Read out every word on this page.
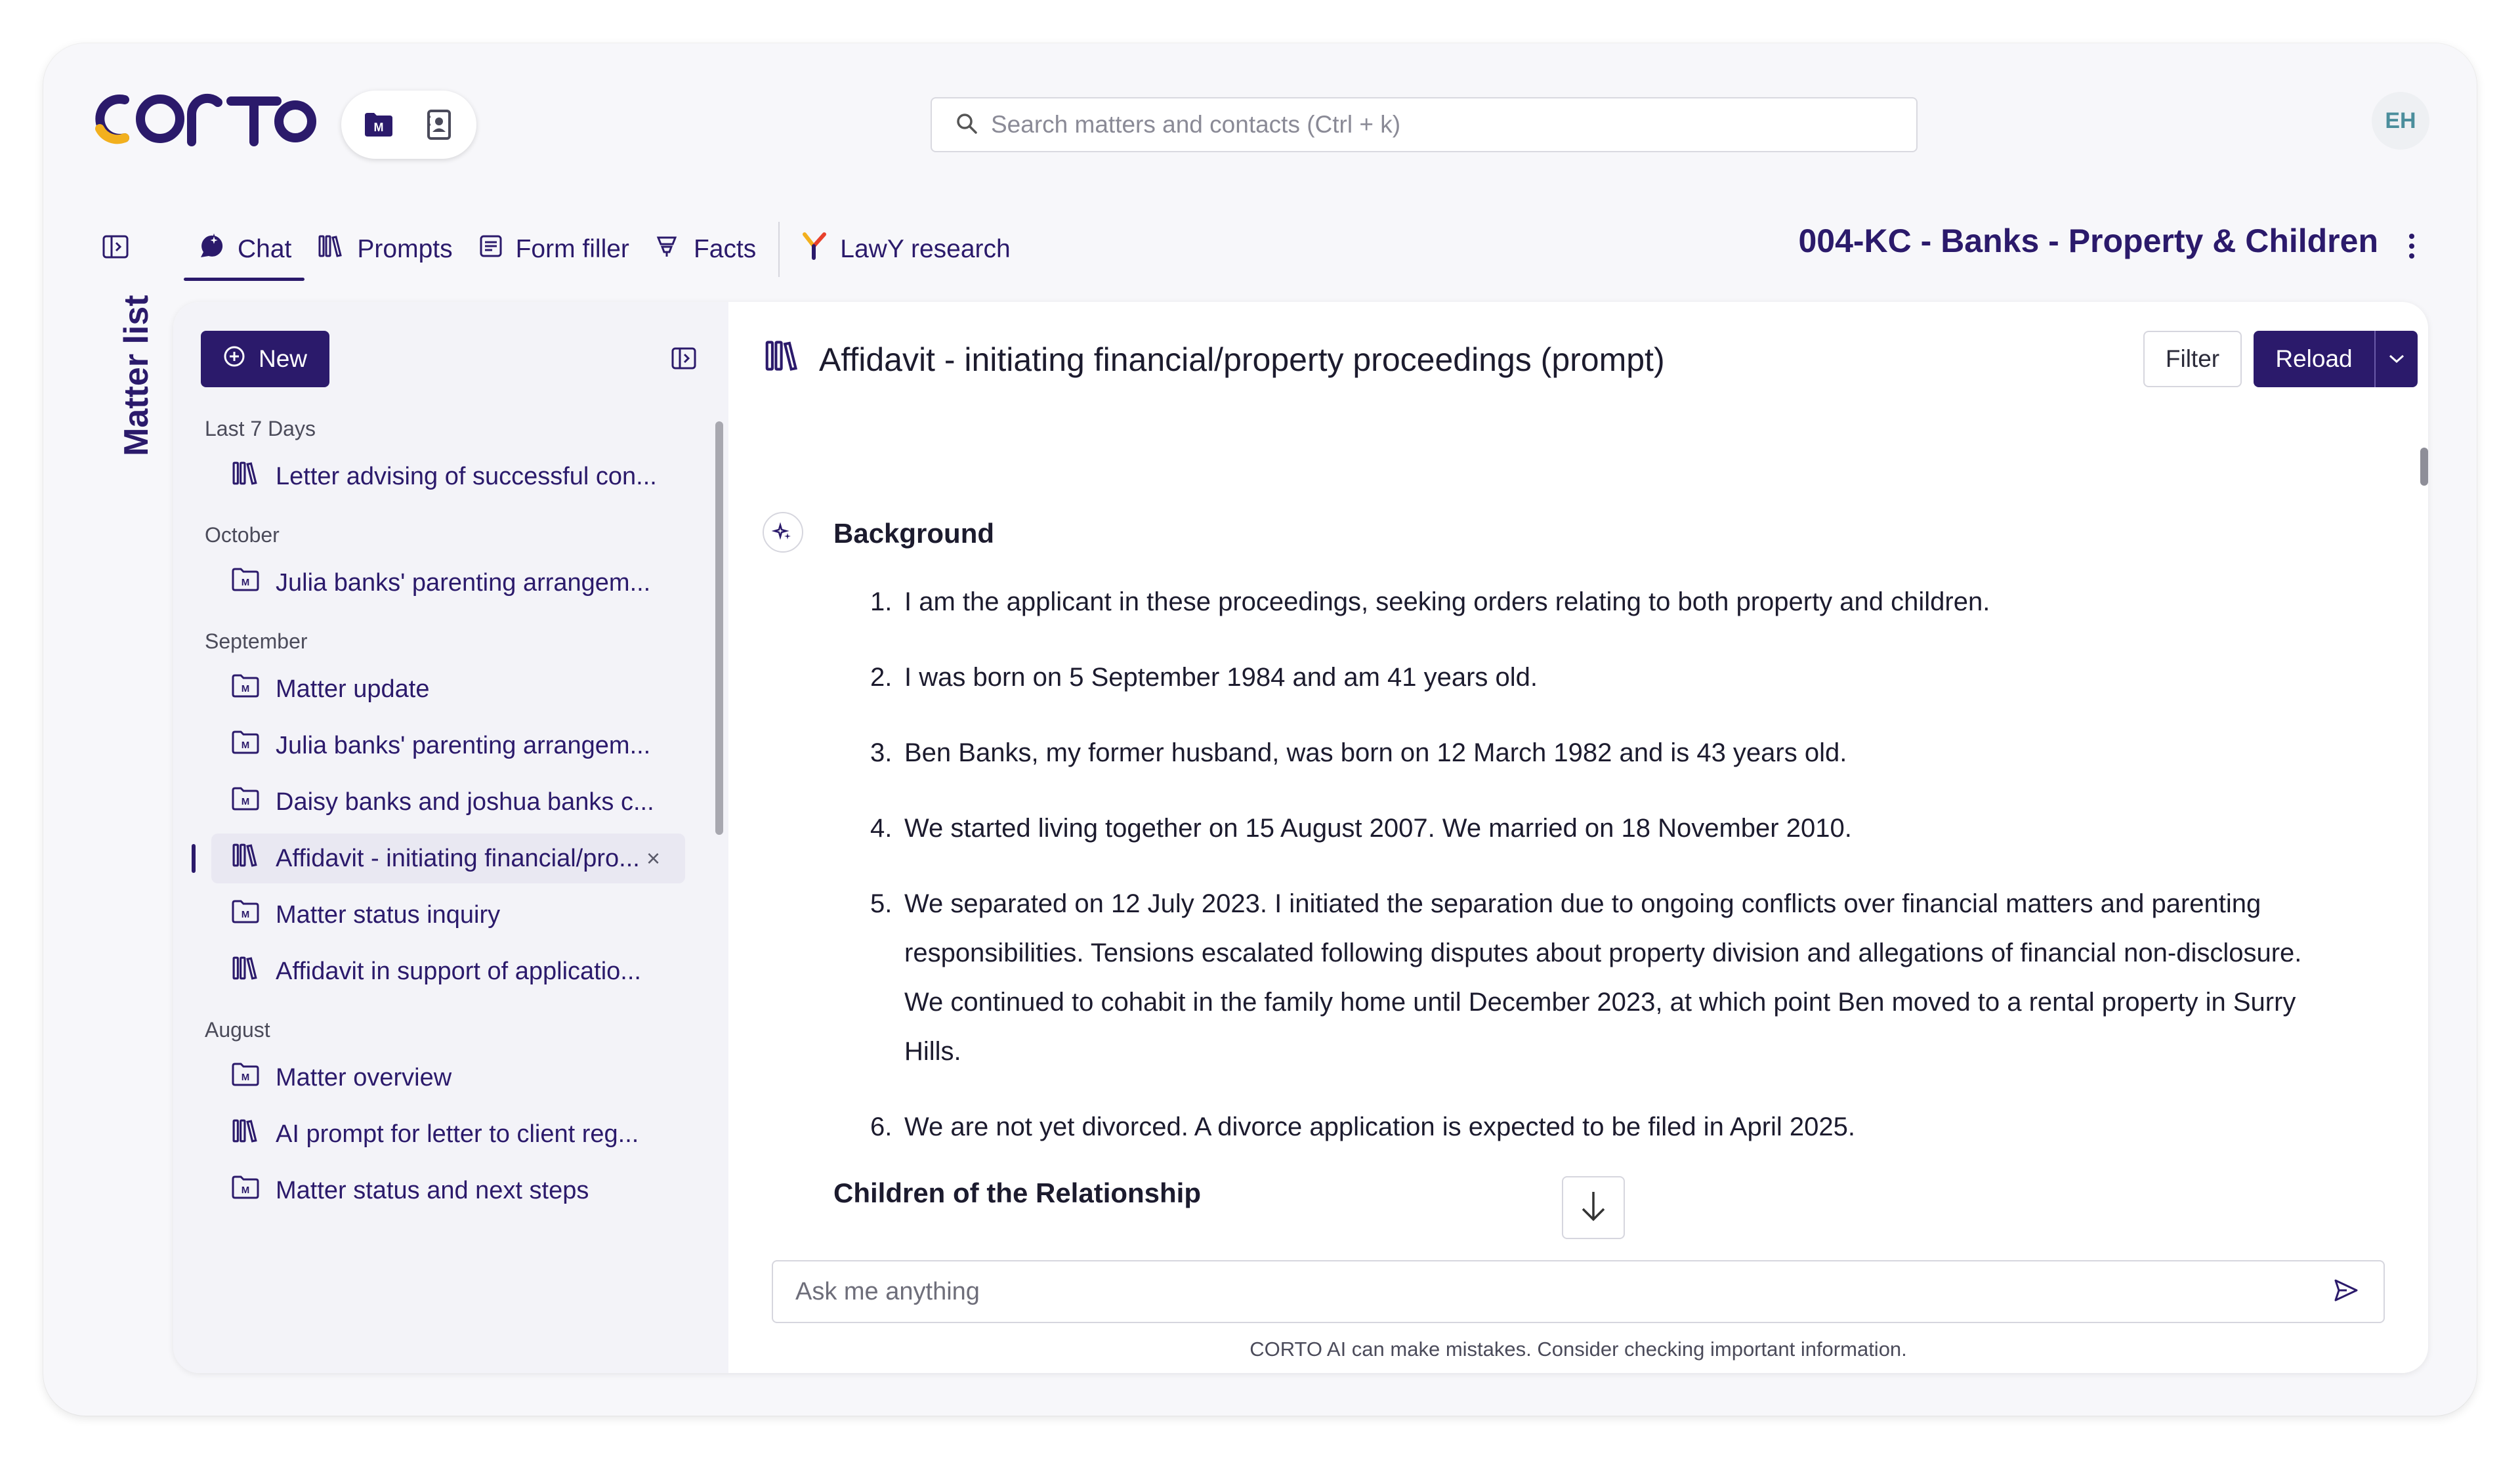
M
Search matters and contacts (Ctrl + k)	EH
Matter list
Chat	Prompts Form filler	Facts	LawY research	004-KC - Banks - Property & Children
New
Last 7 Days
Letter advising of successful con...
October
M Julia banks' parenting arrangem...
September
M Matter update
M Julia banks' parenting arrangem...
M Daisy banks and joshua banks c...
Affidavit - initiating financial/pro... ×
M Matter status inquiry
Affidavit in support of applicatio...
August
M Matter overview
AI prompt for letter to client reg...
M Matter status and next steps
Affidavit - initiating financial/property proceedings (prompt)	Filter	Reload
Background
1. I am the applicant in these proceedings, seeking orders relating to both property and children.
2. I was born on 5 September 1984 and am 41 years old.
3. Ben Banks, my former husband, was born on 12 March 1982 and is 43 years old.
4. We started living together on 15 August 2007. We married on 18 November 2010.
5. We separated on 12 July 2023. I initiated the separation due to ongoing conflicts over financial matters and parenting responsibilities. Tensions escalated following disputes about property division and allegations of financial non-disclosure. We continued to cohabit in the family home until December 2023, at which point Ben moved to a rental property in Surry Hills.
6. We are not yet divorced. A divorce application is expected to be filed in April 2025.
Children of the Relationship
Ask me anything
CORTO AI can make mistakes. Consider checking important information.
